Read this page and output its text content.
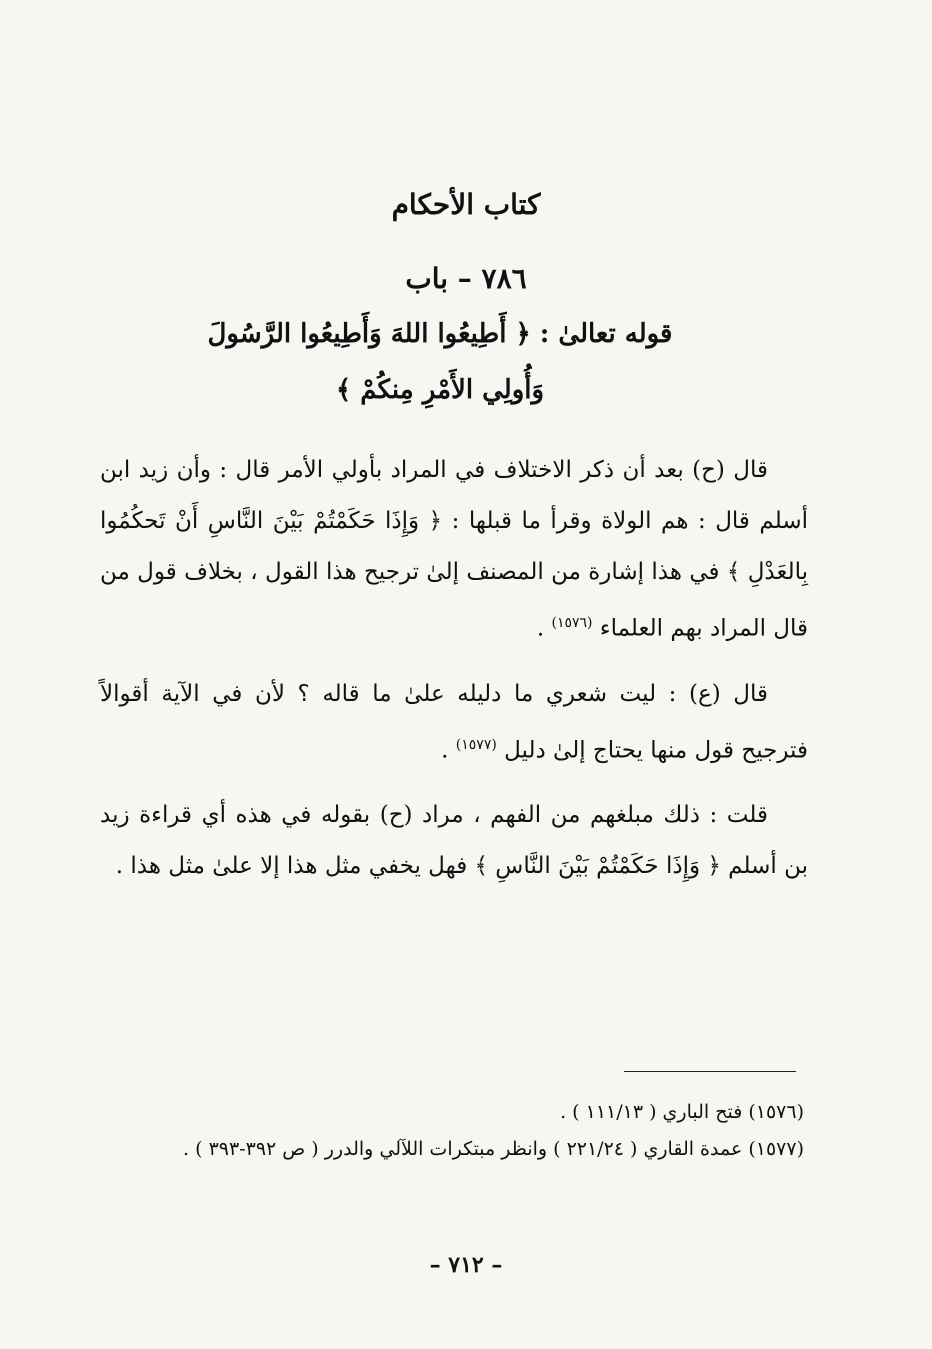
كتاب الأحكام
٧٨٦ – باب
قوله تعالىٰ : ﴿ أَطِيعُوا اللهَ وَأَطِيعُوا الرَّسُولَ
وَأُولِي الأَمْرِ مِنكُمْ ﴾

قال (ح) بعد أن ذكر الاختلاف في المراد بأولي الأمر قال : وأن زيد ابن أسلم قال : هم الولاة وقرأ ما قبلها : ﴿ وَإِذَا حَكَمْتُمْ بَيْنَ النَّاسِ أَنْ تَحكُمُوا بِالعَدْلِ ﴾ في هذا إشارة من المصنف إلىٰ ترجيح هذا القول ، بخلاف قول من قال المراد بهم العلماء $^{(١٥٧٦)}$ .

قال (ع) : ليت شعري ما دليله علىٰ ما قاله ؟ لأن في الآية أقوالاً فترجيح قول منها يحتاج إلىٰ دليل $^{(١٥٧٧)}$ .

قلت : ذلك مبلغهم من الفهم ، مراد (ح) بقوله في هذه أي قراءة زيد بن أسلم ﴿ وَإِذَا حَكَمْتُمْ بَيْنَ النَّاسِ ﴾ فهل يخفي مثل هذا إلا علىٰ مثل هذا .

(١٥٧٦) فتح الباري ( ١١١/١٣ ) .

(١٥٧٧) عمدة القاري ( ٢٢١/٢٤ ) وانظر مبتكرات اللآلي والدرر ( ص ٣٩٢-٣٩٣ ) .

– ٧١٢ –
